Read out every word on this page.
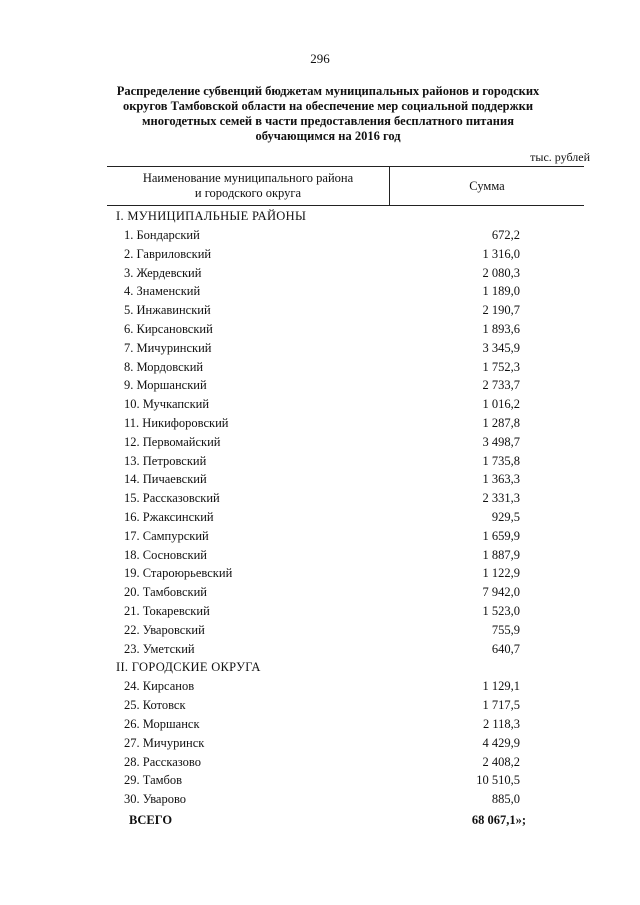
296
Распределение субвенций бюджетам муниципальных районов и городских
округов Тамбовской области на обеспечение мер социальной поддержки
многодетных семей в части предоставления бесплатного питания
обучающимся на 2016 год
тыс. рублей
Наименование муниципального района
и городского округа
Сумма
I. МУНИЦИПАЛЬНЫЕ РАЙОНЫ
1. Бондарский	672,2
2. Гавриловский	1 316,0
3. Жердевский	2 080,3
4. Знаменский	1 189,0
5. Инжавинский	2 190,7
6. Кирсановский	1 893,6
7. Мичуринский	3 345,9
8. Мордовский	1 752,3
9. Моршанский	2 733,7
10. Мучкапский	1 016,2
11. Никифоровский	1 287,8
12. Первомайский	3 498,7
13. Петровский	1 735,8
14. Пичаевский	1 363,3
15. Рассказовский	2 331,3
16. Ржаксинский	929,5
17. Сампурский	1 659,9
18. Сосновский	1 887,9
19. Староюрьевский	1 122,9
20. Тамбовский	7 942,0
21. Токаревский	1 523,0
22. Уваровский	755,9
23. Уметский	640,7
II. ГОРОДСКИЕ ОКРУГА
24. Кирсанов	1 129,1
25. Котовск	1 717,5
26. Моршанск	2 118,3
27. Мичуринск	4 429,9
28. Рассказово	2 408,2
29. Тамбов	10 510,5
30. Уварово	885,0
ВСЕГО	68 067,1»;
